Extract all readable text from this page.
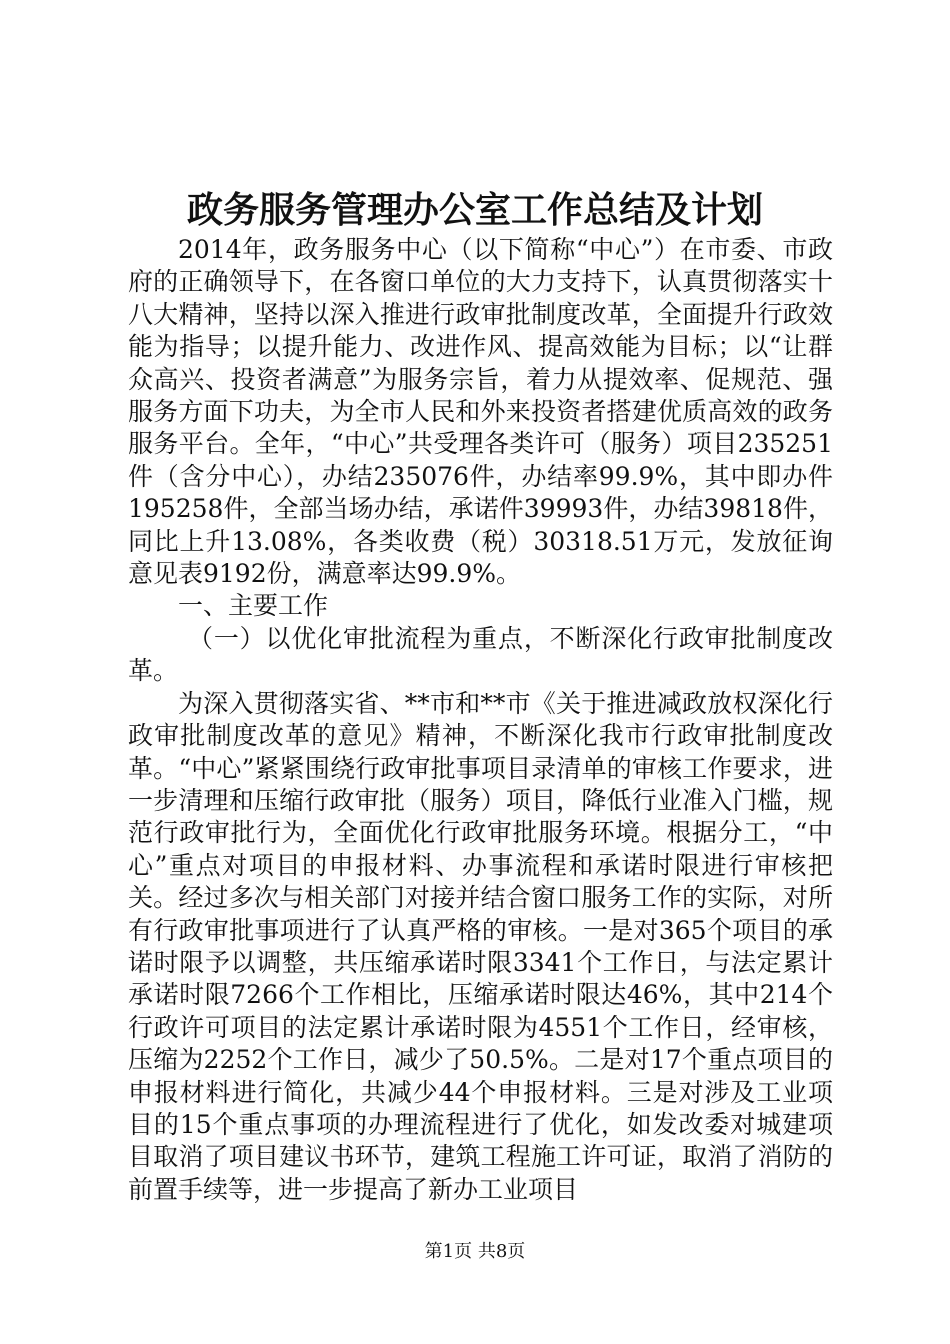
政务服务管理办公室工作总结及计划

2014年，政务服务中心（以下简称“中心”）在市委、市政府的正确领导下，在各窗口单位的大力支持下，认真贯彻落实十八大精神，坚持以深入推进行政审批制度改革，全面提升行政效能为指导；以提升能力、改进作风、提高效能为目标；以“让群众高兴、投资者满意”为服务宗旨，着力从提效率、促规范、强服务方面下功夫，为全市人民和外来投资者搭建优质高效的政务服务平台。全年，“中心”共受理各类许可（服务）项目235251件（含分中心），办结235076件，办结率99.9%，其中即办件195258件，全部当场办结，承诺件39993件，办结39818件，同比上升13.08%，各类收费（税）30318.51万元，发放征询意见表9192份，满意率达99.9%。

一、主要工作

（一）以优化审批流程为重点，不断深化行政审批制度改革。

为深入贯彻落实省、**市和**市《关于推进减政放权深化行政审批制度改革的意见》精神，不断深化我市行政审批制度改革。“中心”紧紧围绕行政审批事项目录清单的审核工作要求，进一步清理和压缩行政审批（服务）项目，降低行业准入门槛，规范行政审批行为，全面优化行政审批服务环境。根据分工，“中心”重点对项目的申报材料、办事流程和承诺时限进行审核把关。经过多次与相关部门对接并结合窗口服务工作的实际，对所有行政审批事项进行了认真严格的审核。一是对365个项目的承诺时限予以调整，共压缩承诺时限3341个工作日，与法定累计承诺时限7266个工作相比，压缩承诺时限达46%，其中214个行政许可项目的法定累计承诺时限为4551个工作日，经审核，压缩为2252个工作日，减少了50.5%。二是对17个重点项目的申报材料进行简化，共减少44个申报材料。三是对涉及工业项目的15个重点事项的办理流程进行了优化，如发改委对城建项目取消了项目建议书环节，建筑工程施工许可证，取消了消防的前置手续等，进一步提高了新办工业项目

第1页 共8页
